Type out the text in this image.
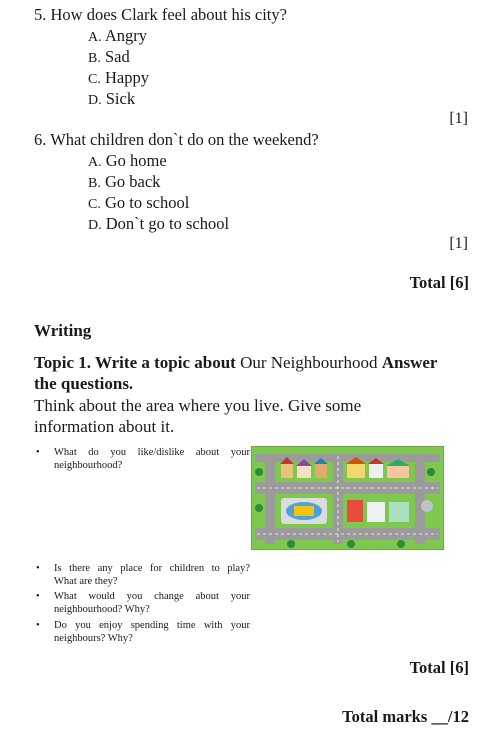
5. How does Clark feel about his city?
A. Angry
B. Sad
C. Happy
D. Sick
[1]
6. What children don`t do on the weekend?
A. Go home
B. Go back
C. Go to school
D. Don`t go to school
[1]
Total [6]
Writing
Topic 1. Write a topic about Our Neighbourhood Answer
the questions.
Think about the area where you live. Give some
information about it.
• What do you like/dislike about your
neighbourhood?
• Is there any place for children to play?
What are they?
• What would you change about your
neighbourhood? Why?
• Do you enjoy spending time with your
neighbours? Why?
Total [6]
Total marks __/12
